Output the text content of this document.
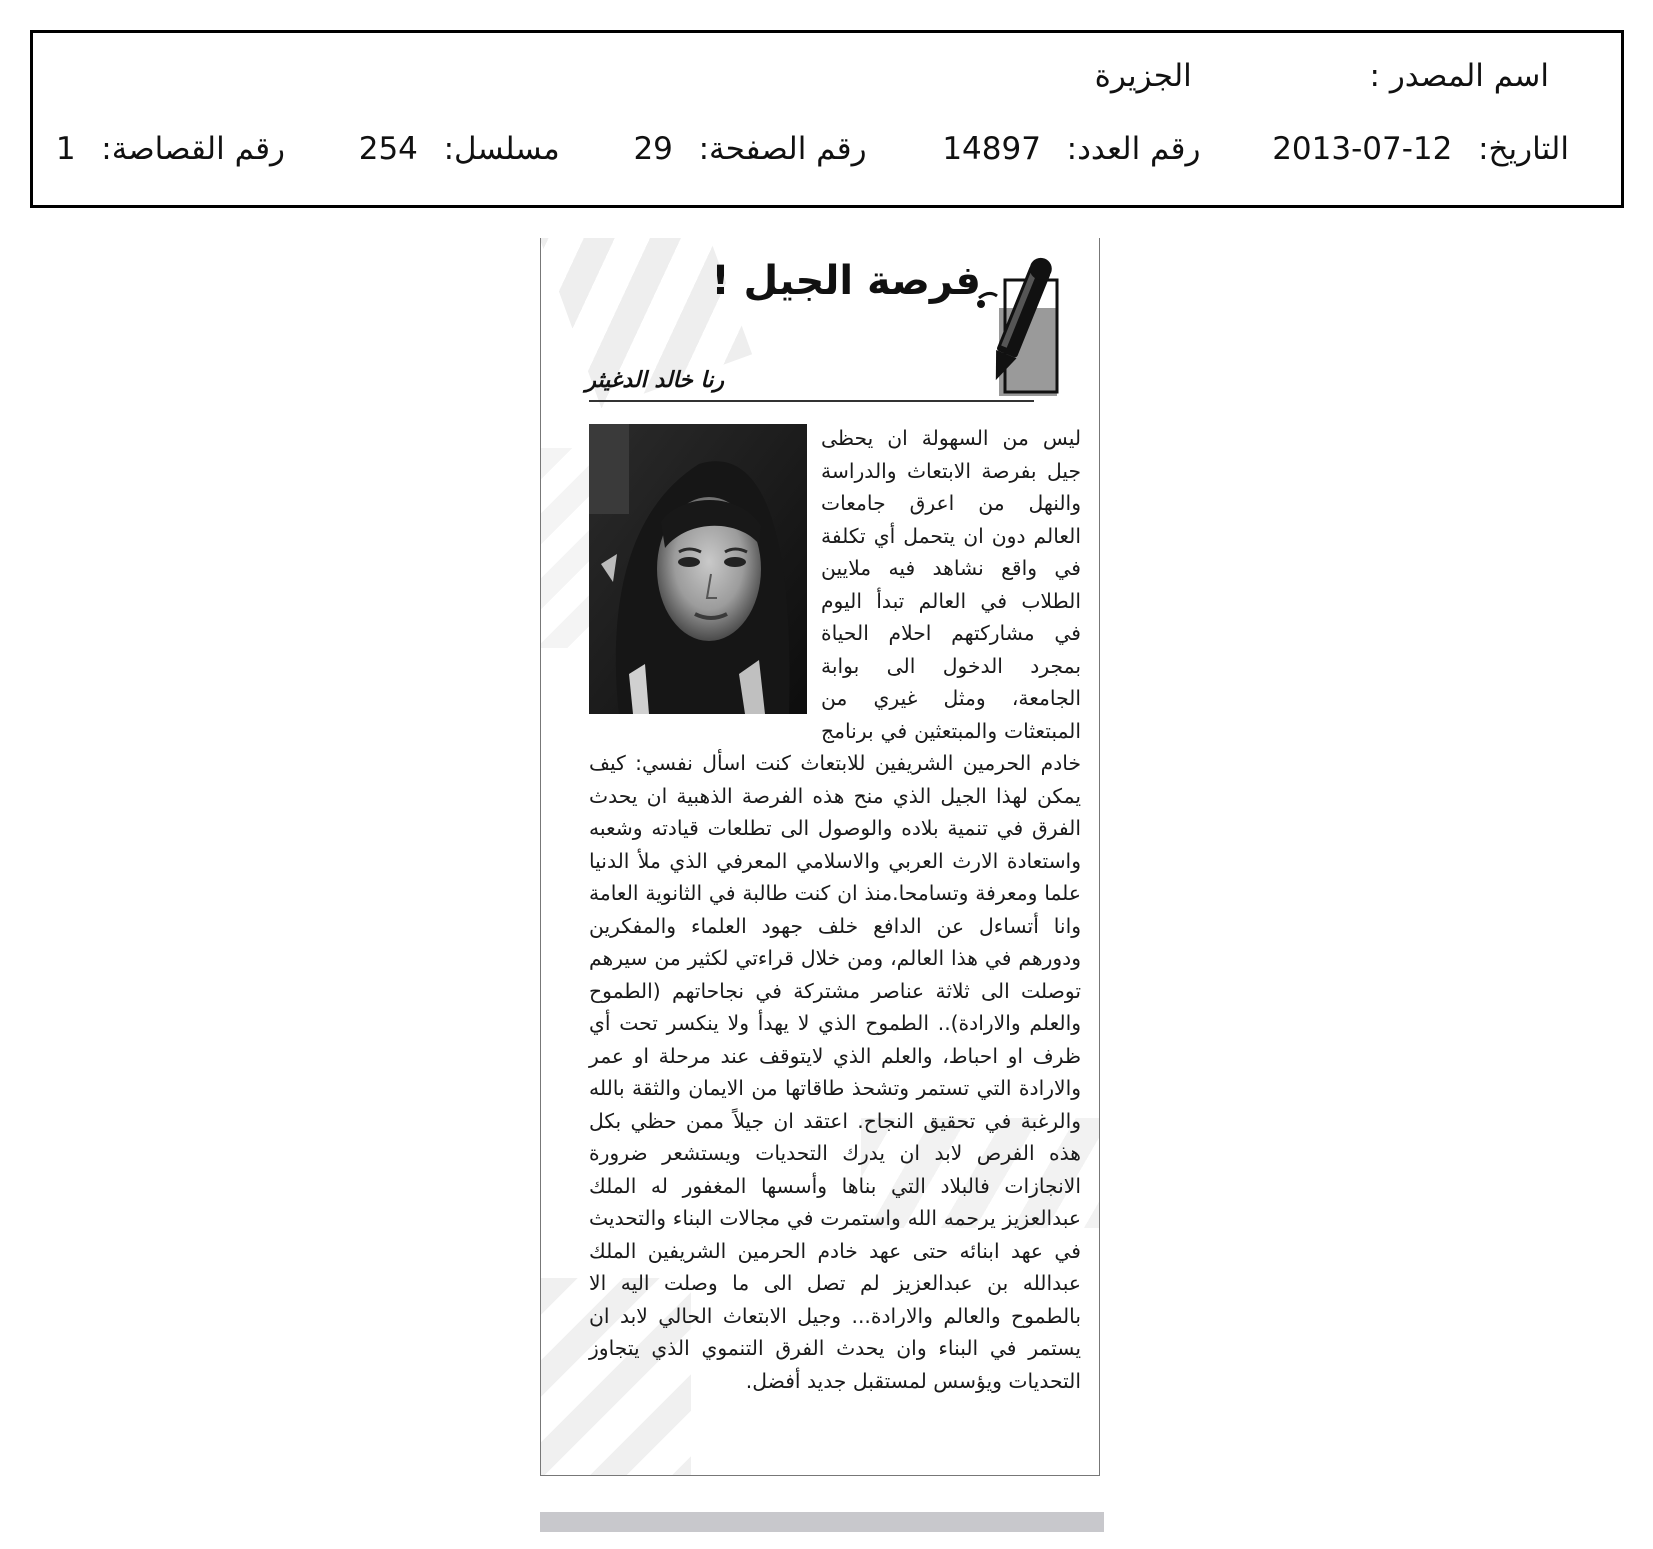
اسم المصدر :  الجزيرة
التاريخ:  2013-07-12  رقم العدد:  14897  رقم الصفحة:  29  مسلسل:  254  رقم القصاصة:  1
فرصة الجيل !
رنا خالد الدغيثر
ليس من السهولة ان يحظى جيل بفرصة الابتعاث والدراسة والنهل من اعرق جامعات العالم دون ان يتحمل أي تكلفة في واقع نشاهد فيه ملايين الطلاب في العالم تبدأ اليوم في مشاركتهم احلام الحياة بمجرد الدخول الى بوابة الجامعة، ومثل غيري من المبتعثات والمبتعثين في برنامج خادم الحرمين الشريفين للابتعاث كنت اسأل نفسي: كيف يمكن لهذا الجيل الذي منح هذه الفرصة الذهبية ان يحدث الفرق في تنمية بلاده والوصول الى تطلعات قيادته وشعبه واستعادة الارث العربي والاسلامي المعرفي الذي ملأ الدنيا علما ومعرفة وتسامحا.منذ ان كنت طالبة في الثانوية العامة وانا أتساءل عن الدافع خلف جهود العلماء والمفكرين ودورهم في هذا العالم، ومن خلال قراءتي لكثير من سيرهم توصلت الى ثلاثة عناصر مشتركة في نجاحاتهم (الطموح والعلم والارادة).. الطموح الذي لا يهدأ ولا ينكسر تحت أي ظرف او احباط، والعلم الذي لايتوقف عند مرحلة او عمر والارادة التي تستمر وتشحذ طاقاتها من الايمان والثقة بالله والرغبة في تحقيق النجاح. اعتقد ان جيلاً ممن حظي بكل هذه الفرص لابد ان يدرك التحديات ويستشعر ضرورة الانجازات فالبلاد التي بناها وأسسها المغفور له الملك عبدالعزيز يرحمه الله واستمرت في مجالات البناء والتحديث في عهد ابنائه حتى عهد خادم الحرمين الشريفين الملك عبدالله بن عبدالعزيز لم تصل الى ما وصلت اليه الا بالطموح والعالم والارادة... وجيل الابتعاث الحالي لابد ان يستمر في البناء وان يحدث الفرق التنموي الذي يتجاوز التحديات ويؤسس لمستقبل جديد أفضل.
